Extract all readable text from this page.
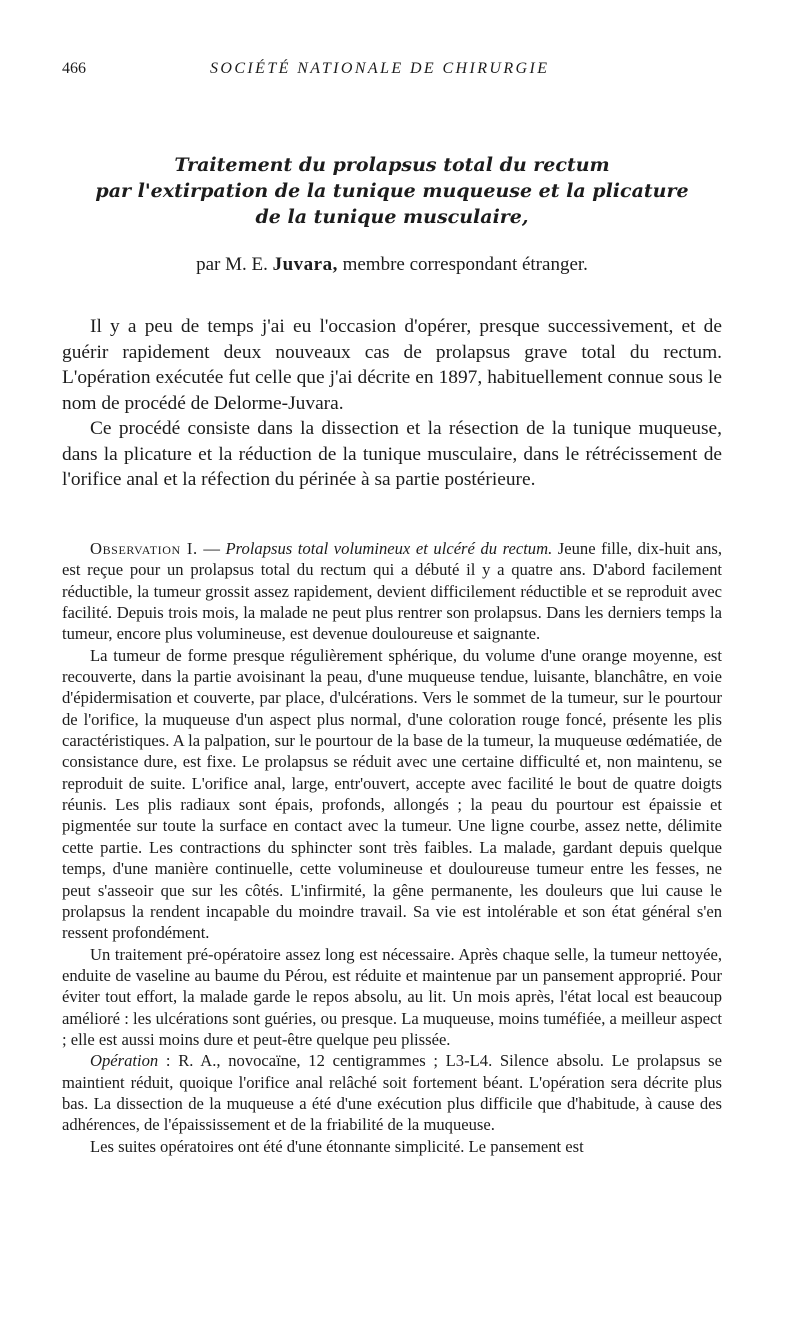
466	SOCIÉTÉ NATIONALE DE CHIRURGIE
Traitement du prolapsus total du rectum
par l'extirpation de la tunique muqueuse et la plicature
de la tunique musculaire,
par M. E. Juvara, membre correspondant étranger.

Il y a peu de temps j'ai eu l'occasion d'opérer, presque successivement, et de guérir rapidement deux nouveaux cas de prolapsus grave total du rectum. L'opération exécutée fut celle que j'ai décrite en 1897, habituellement connue sous le nom de procédé de Delorme-Juvara.

Ce procédé consiste dans la dissection et la résection de la tunique muqueuse, dans la plicature et la réduction de la tunique musculaire, dans le rétrécissement de l'orifice anal et la réfection du périnée à sa partie postérieure.

Observation I. — Prolapsus total volumineux et ulcéré du rectum. Jeune fille, dix-huit ans, est reçue pour un prolapsus total du rectum qui a débuté il y a quatre ans. D'abord facilement réductible, la tumeur grossit assez rapidement, devient difficilement réductible et se reproduit avec facilité. Depuis trois mois, la malade ne peut plus rentrer son prolapsus. Dans les derniers temps la tumeur, encore plus volumineuse, est devenue douloureuse et saignante.

La tumeur de forme presque régulièrement sphérique, du volume d'une orange moyenne, est recouverte, dans la partie avoisinant la peau, d'une muqueuse tendue, luisante, blanchâtre, en voie d'épidermisation et couverte, par place, d'ulcérations. Vers le sommet de la tumeur, sur le pourtour de l'orifice, la muqueuse d'un aspect plus normal, d'une coloration rouge foncé, présente les plis caractéristiques. A la palpation, sur le pourtour de la base de la tumeur, la muqueuse œdématiée, de consistance dure, est fixe. Le prolapsus se réduit avec une certaine difficulté et, non maintenu, se reproduit de suite. L'orifice anal, large, entr'ouvert, accepte avec facilité le bout de quatre doigts réunis. Les plis radiaux sont épais, profonds, allongés ; la peau du pourtour est épaissie et pigmentée sur toute la surface en contact avec la tumeur. Une ligne courbe, assez nette, délimite cette partie. Les contractions du sphincter sont très faibles. La malade, gardant depuis quelque temps, d'une manière continuelle, cette volumineuse et douloureuse tumeur entre les fesses, ne peut s'asseoir que sur les côtés. L'infirmité, la gêne permanente, les douleurs que lui cause le prolapsus la rendent incapable du moindre travail. Sa vie est intolérable et son état général s'en ressent profondément.

Un traitement pré-opératoire assez long est nécessaire. Après chaque selle, la tumeur nettoyée, enduite de vaseline au baume du Pérou, est réduite et maintenue par un pansement approprié. Pour éviter tout effort, la malade garde le repos absolu, au lit. Un mois après, l'état local est beaucoup amélioré : les ulcérations sont guéries, ou presque. La muqueuse, moins tuméfiée, a meilleur aspect ; elle est aussi moins dure et peut-être quelque peu plissée.

Opération : R. A., novocaïne, 12 centigrammes ; L3-L4. Silence absolu. Le prolapsus se maintient réduit, quoique l'orifice anal relâché soit fortement béant. L'opération sera décrite plus bas. La dissection de la muqueuse a été d'une exécution plus difficile que d'habitude, à cause des adhérences, de l'épaississement et de la friabilité de la muqueuse.

Les suites opératoires ont été d'une étonnante simplicité. Le pansement est
